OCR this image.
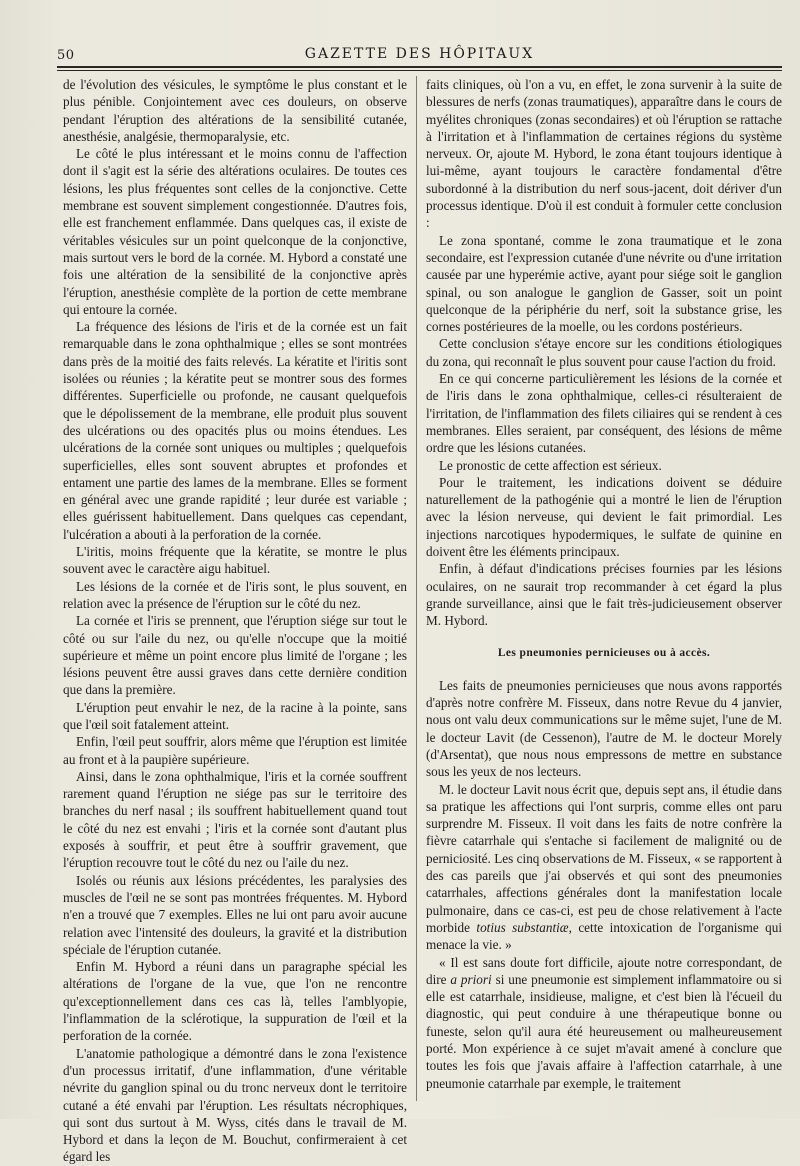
50	GAZETTE DES HÔPITAUX

de l'évolution des vésicules, le symptôme le plus constant et le plus pénible. Conjointement avec ces douleurs, on observe pendant l'éruption des altérations de la sensibilité cutanée, anesthésie, analgésie, thermoparalysie, etc.

Le côté le plus intéressant et le moins connu de l'affection dont il s'agit est la série des altérations oculaires. De toutes ces lésions, les plus fréquentes sont celles de la conjonctive. Cette membrane est souvent simplement congestionnée. D'autres fois, elle est franchement enflammée. Dans quelques cas, il existe de véritables vésicules sur un point quelconque de la conjonctive, mais surtout vers le bord de la cornée. M. Hybord a constaté une fois une altération de la sensibilité de la conjonctive après l'éruption, anesthésie complète de la portion de cette membrane qui entoure la cornée.

La fréquence des lésions de l'iris et de la cornée est un fait remarquable dans le zona ophthalmique ; elles se sont montrées dans près de la moitié des faits relevés. La kératite et l'iritis sont isolées ou réunies ; la kératite peut se montrer sous des formes différentes. Superficielle ou profonde, ne causant quelquefois que le dépolissement de la membrane, elle produit plus souvent des ulcérations ou des opacités plus ou moins étendues. Les ulcérations de la cornée sont uniques ou multiples ; quelquefois superficielles, elles sont souvent abruptes et profondes et entament une partie des lames de la membrane. Elles se forment en général avec une grande rapidité ; leur durée est variable ; elles guérissent habituellement. Dans quelques cas cependant, l'ulcération a abouti à la perforation de la cornée.

L'iritis, moins fréquente que la kératite, se montre le plus souvent avec le caractère aigu habituel.

Les lésions de la cornée et de l'iris sont, le plus souvent, en relation avec la présence de l'éruption sur le côté du nez.

La cornée et l'iris se prennent, que l'éruption siége sur tout le côté ou sur l'aile du nez, ou qu'elle n'occupe que la moitié supérieure et même un point encore plus limité de l'organe ; les lésions peuvent être aussi graves dans cette dernière condition que dans la première.

L'éruption peut envahir le nez, de la racine à la pointe, sans que l'œil soit fatalement atteint.

Enfin, l'œil peut souffrir, alors même que l'éruption est limitée au front et à la paupière supérieure.

Ainsi, dans le zona ophthalmique, l'iris et la cornée souffrent rarement quand l'éruption ne siége pas sur le territoire des branches du nerf nasal ; ils souffrent habituellement quand tout le côté du nez est envahi ; l'iris et la cornée sont d'autant plus exposés à souffrir, et peut être à souffrir gravement, que l'éruption recouvre tout le côté du nez ou l'aile du nez.

Isolés ou réunis aux lésions précédentes, les paralysies des muscles de l'œil ne se sont pas montrées fréquentes. M. Hybord n'en a trouvé que 7 exemples. Elles ne lui ont paru avoir aucune relation avec l'intensité des douleurs, la gravité et la distribution spéciale de l'éruption cutanée.

Enfin M. Hybord a réuni dans un paragraphe spécial les altérations de l'organe de la vue, que l'on ne rencontre qu'exceptionnellement dans ces cas là, telles l'amblyopie, l'inflammation de la sclérotique, la suppuration de l'œil et la perforation de la cornée.

L'anatomie pathologique a démontré dans le zona l'existence d'un processus irritatif, d'une inflammation, d'une véritable névrite du ganglion spinal ou du tronc nerveux dont le territoire cutané a été envahi par l'éruption. Les résultats nécrophiques, qui sont dus surtout à M. Wyss, cités dans le travail de M. Hybord et dans la leçon de M. Bouchut, confirmeraient à cet égard les

faits cliniques, où l'on a vu, en effet, le zona survenir à la suite de blessures de nerfs (zonas traumatiques), apparaître dans le cours de myélites chroniques (zonas secondaires) et où l'éruption se rattache à l'irritation et à l'inflammation de certaines régions du système nerveux. Or, ajoute M. Hybord, le zona étant toujours identique à lui-même, ayant toujours le caractère fondamental d'être subordonné à la distribution du nerf sous-jacent, doit dériver d'un processus identique. D'où il est conduit à formuler cette conclusion :

Le zona spontané, comme le zona traumatique et le zona secondaire, est l'expression cutanée d'une névrite ou d'une irritation causée par une hyperémie active, ayant pour siége soit le ganglion spinal, ou son analogue le ganglion de Gasser, soit un point quelconque de la périphérie du nerf, soit la substance grise, les cornes postérieures de la moelle, ou les cordons postérieurs.

Cette conclusion s'étaye encore sur les conditions étiologiques du zona, qui reconnaît le plus souvent pour cause l'action du froid.

En ce qui concerne particulièrement les lésions de la cornée et de l'iris dans le zona ophthalmique, celles-ci résulteraient de l'irritation, de l'inflammation des filets ciliaires qui se rendent à ces membranes. Elles seraient, par conséquent, des lésions de même ordre que les lésions cutanées.

Le pronostic de cette affection est sérieux.

Pour le traitement, les indications doivent se déduire naturellement de la pathogénie qui a montré le lien de l'éruption avec la lésion nerveuse, qui devient le fait primordial. Les injections narcotiques hypodermiques, le sulfate de quinine en doivent être les éléments principaux.

Enfin, à défaut d'indications précises fournies par les lésions oculaires, on ne saurait trop recommander à cet égard la plus grande surveillance, ainsi que le fait très-judicieusement observer M. Hybord.

Les pneumonies pernicieuses ou à accès.

Les faits de pneumonies pernicieuses que nous avons rapportés d'après notre confrère M. Fisseux, dans notre Revue du 4 janvier, nous ont valu deux communications sur le même sujet, l'une de M. le docteur Lavit (de Cessenon), l'autre de M. le docteur Morely (d'Arsentat), que nous nous empressons de mettre en substance sous les yeux de nos lecteurs.

M. le docteur Lavit nous écrit que, depuis sept ans, il étudie dans sa pratique les affections qui l'ont surpris, comme elles ont paru surprendre M. Fisseux. Il voit dans les faits de notre confrère la fièvre catarrhale qui s'entache si facilement de malignité ou de perniciosité. Les cinq observations de M. Fisseux, « se rapportent à des cas pareils que j'ai observés et qui sont des pneumonies catarrhales, affections générales dont la manifestation locale pulmonaire, dans ce cas-ci, est peu de chose relativement à l'acte morbide totius substantiæ, cette intoxication de l'organisme qui menace la vie. »

« Il est sans doute fort difficile, ajoute notre correspondant, de dire a priori si une pneumonie est simplement inflammatoire ou si elle est catarrhale, insidieuse, maligne, et c'est bien là l'écueil du diagnostic, qui peut conduire à une thérapeutique bonne ou funeste, selon qu'il aura été heureusement ou malheureusement porté. Mon expérience à ce sujet m'avait amené à conclure que toutes les fois que j'avais affaire à l'affection catarrhale, à une pneumonie catarrhale par exemple, le traitement
